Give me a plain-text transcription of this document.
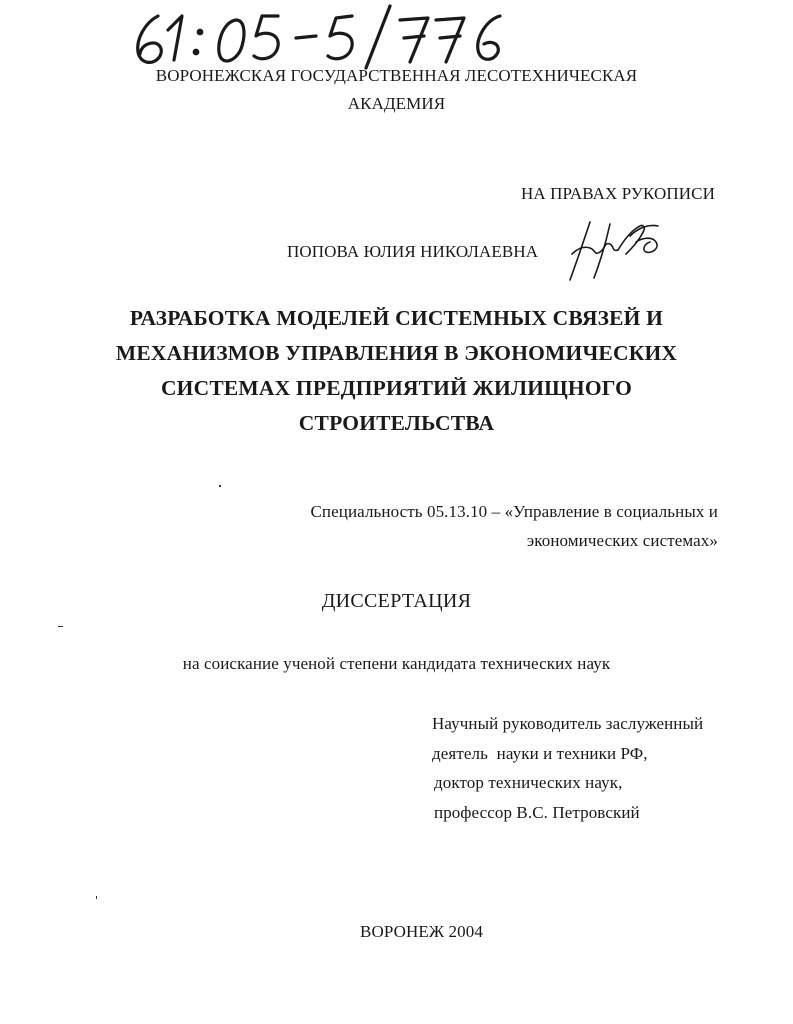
ВОРОНЕЖСКАЯ ГОСУДАРСТВЕННАЯ ЛЕСОТЕХНИЧЕСКАЯ
АКАДЕМИЯ
НА ПРАВАХ РУКОПИСИ
ПОПОВА ЮЛИЯ НИКОЛАЕВНА
РАЗРАБОТКА МОДЕЛЕЙ СИСТЕМНЫХ СВЯЗЕЙ И
МЕХАНИЗМОВ УПРАВЛЕНИЯ В ЭКОНОМИЧЕСКИХ
СИСТЕМАХ ПРЕДПРИЯТИЙ ЖИЛИЩНОГО
СТРОИТЕЛЬСТВА
Специальность 05.13.10 – «Управление в социальных и
экономических системах»
ДИССЕРТАЦИЯ
на соискание ученой степени кандидата технических наук
Научный руководитель заслуженный
деятель  науки и техники РФ,
доктор технических наук,
профессор В.С. Петровский
ВОРОНЕЖ 2004
